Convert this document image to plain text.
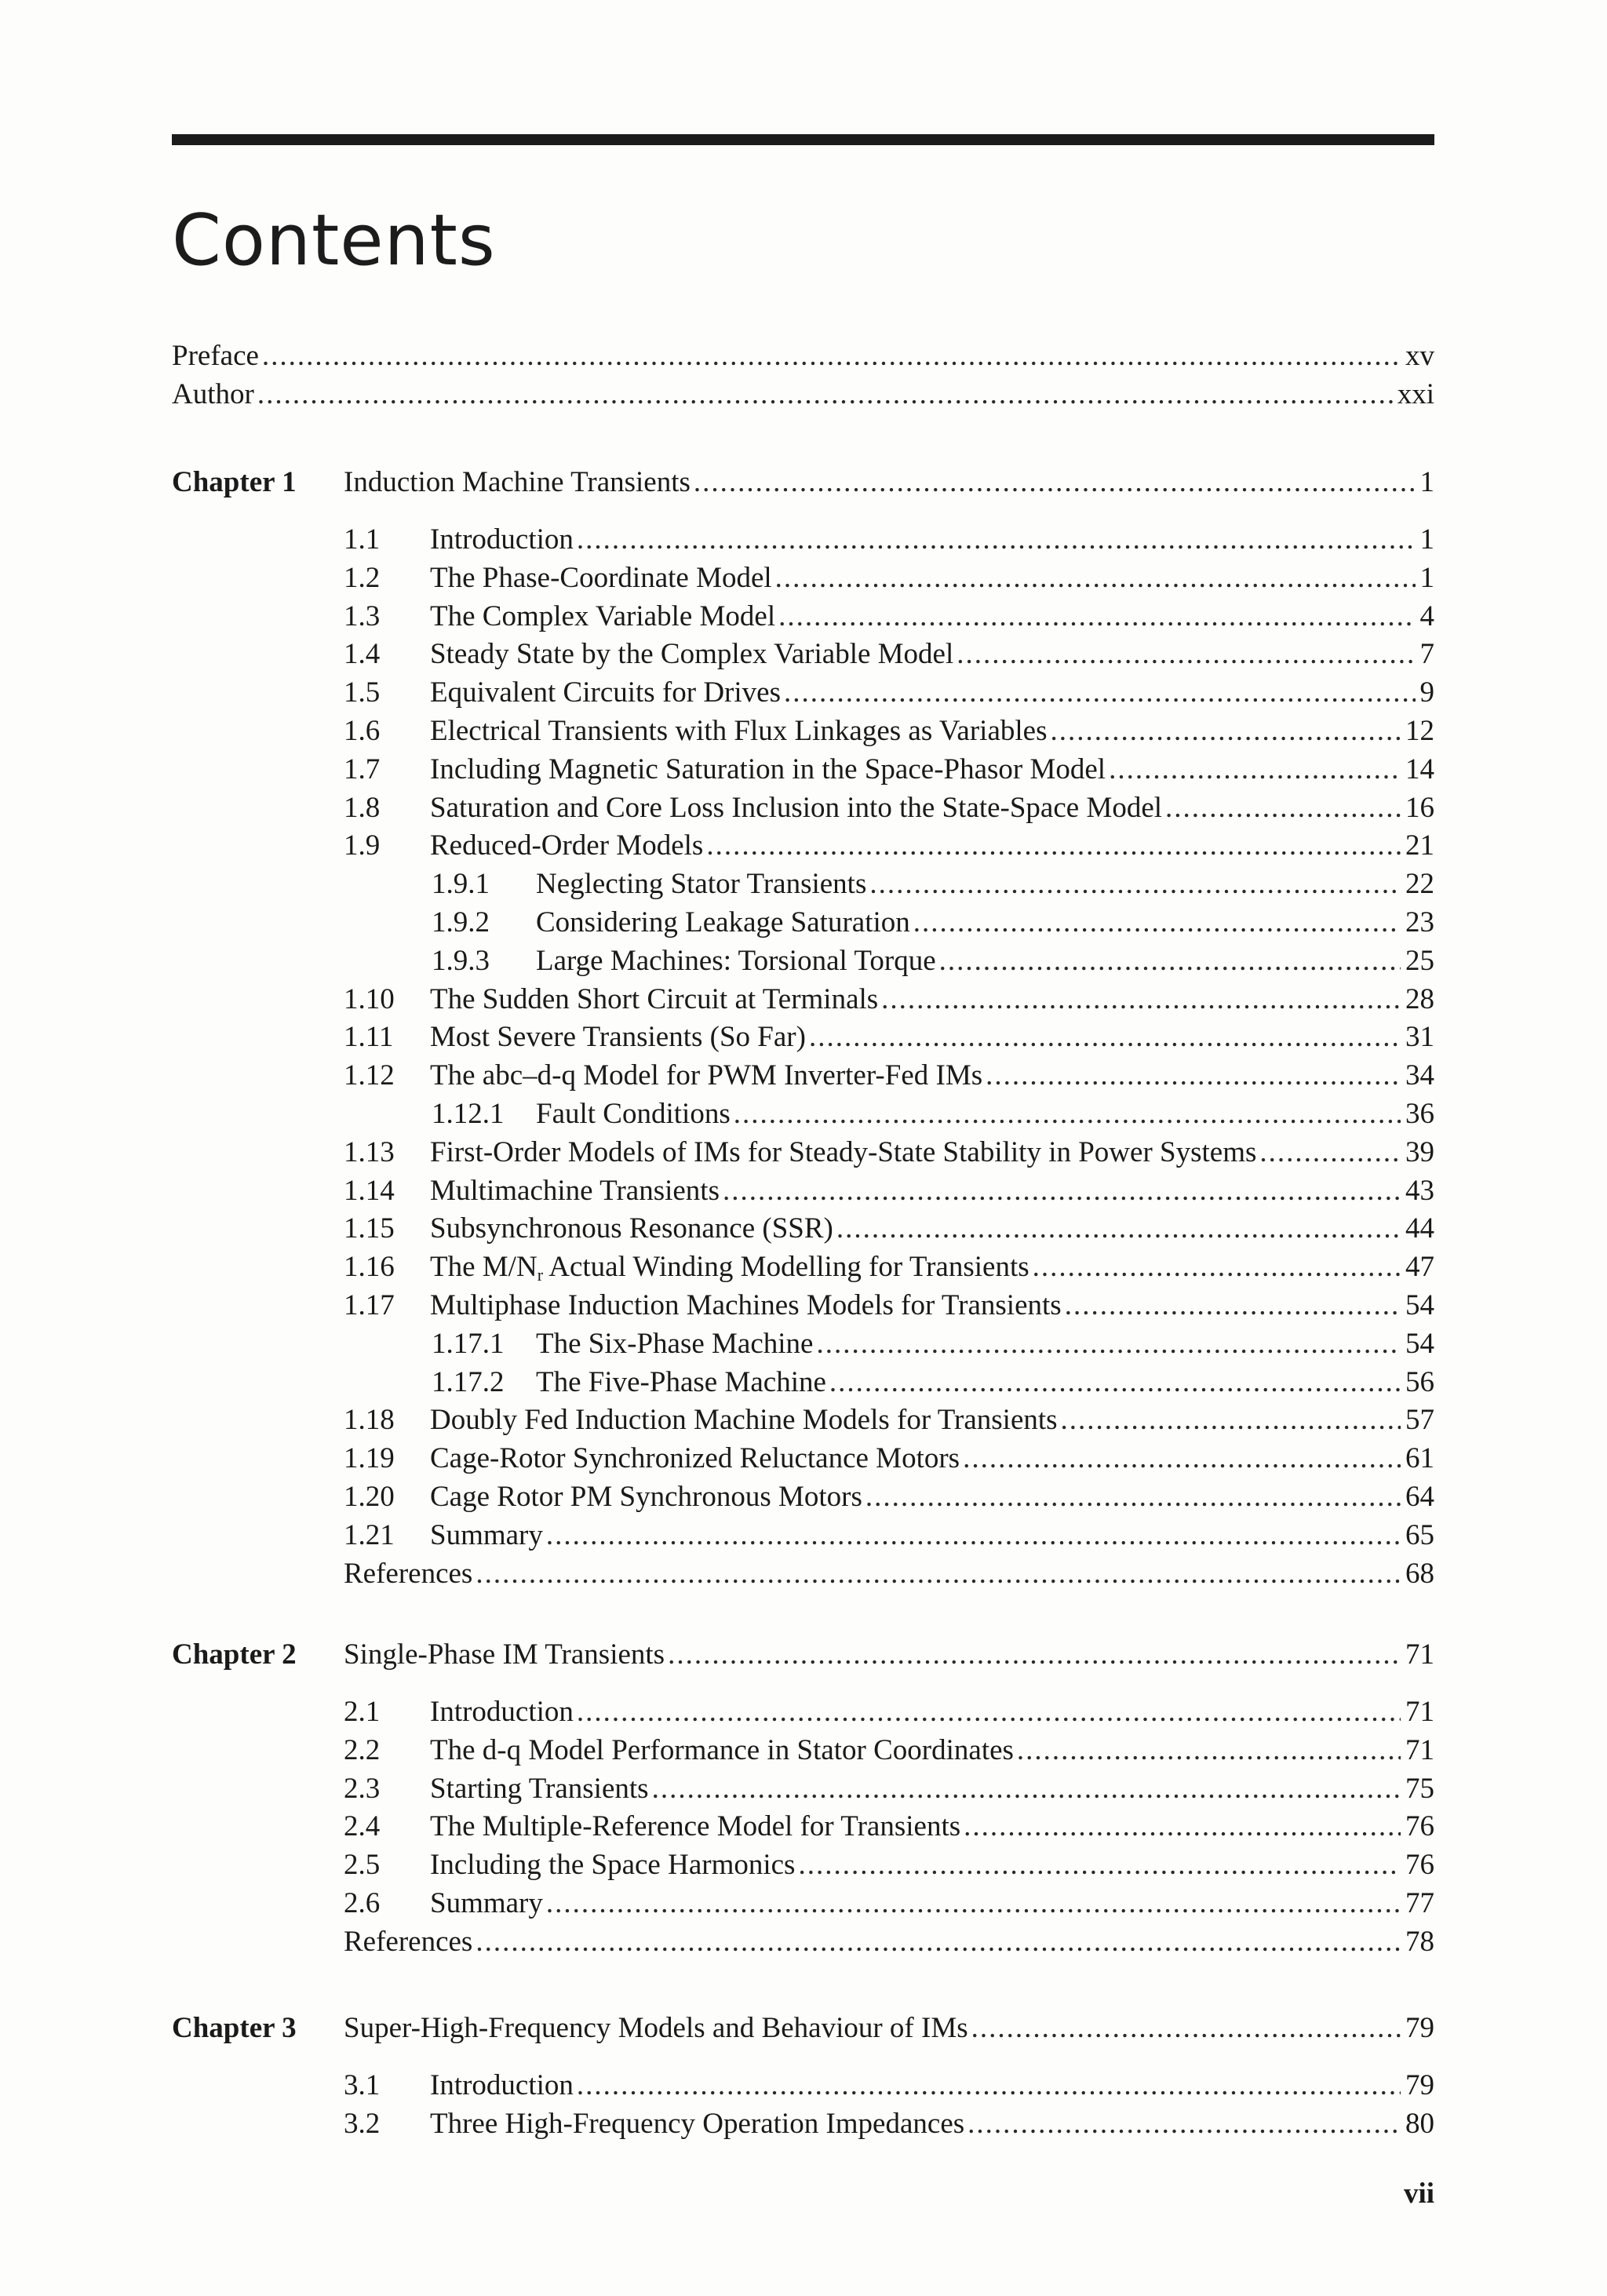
Contents
Preface .....	xv
Author .....	xxi
Chapter 1 Induction Machine Transients .....	1
1.1	Introduction .....	1
1.2	The Phase-Coordinate Model .....	1
1.3	The Complex Variable Model .....	4
1.4	Steady State by the Complex Variable Model .....	7
1.5	Equivalent Circuits for Drives .....	9
1.6	Electrical Transients with Flux Linkages as Variables .....	12
1.7	Including Magnetic Saturation in the Space-Phasor Model .....	14
1.8	Saturation and Core Loss Inclusion into the State-Space Model .....	16
1.9	Reduced-Order Models .....	21
1.9.1	Neglecting Stator Transients .....	22
1.9.2	Considering Leakage Saturation .....	23
1.9.3	Large Machines: Torsional Torque .....	25
1.10	The Sudden Short Circuit at Terminals .....	28
1.11	Most Severe Transients (So Far) .....	31
1.12	The abc–d-q Model for PWM Inverter-Fed IMs .....	34
1.12.1	Fault Conditions .....	36
1.13	First-Order Models of IMs for Steady-State Stability in Power Systems .....	39
1.14	Multimachine Transients .....	43
1.15	Subsynchronous Resonance (SSR) .....	44
1.16	The $M/N_r$ Actual Winding Modelling for Transients .....	47
1.17	Multiphase Induction Machines Models for Transients .....	54
1.17.1	The Six-Phase Machine .....	54
1.17.2	The Five-Phase Machine .....	56
1.18	Doubly Fed Induction Machine Models for Transients .....	57
1.19	Cage-Rotor Synchronized Reluctance Motors .....	61
1.20	Cage Rotor PM Synchronous Motors .....	64
1.21	Summary .....	65
References .....	68
Chapter 2 Single-Phase IM Transients .....	71
2.1	Introduction .....	71
2.2	The d-q Model Performance in Stator Coordinates .....	71
2.3	Starting Transients .....	75
2.4	The Multiple-Reference Model for Transients .....	76
2.5	Including the Space Harmonics .....	76
2.6	Summary .....	77
References .....	78
Chapter 3 Super-High-Frequency Models and Behaviour of IMs .....	79
3.1	Introduction .....	79
3.2	Three High-Frequency Operation Impedances .....	80
vii
